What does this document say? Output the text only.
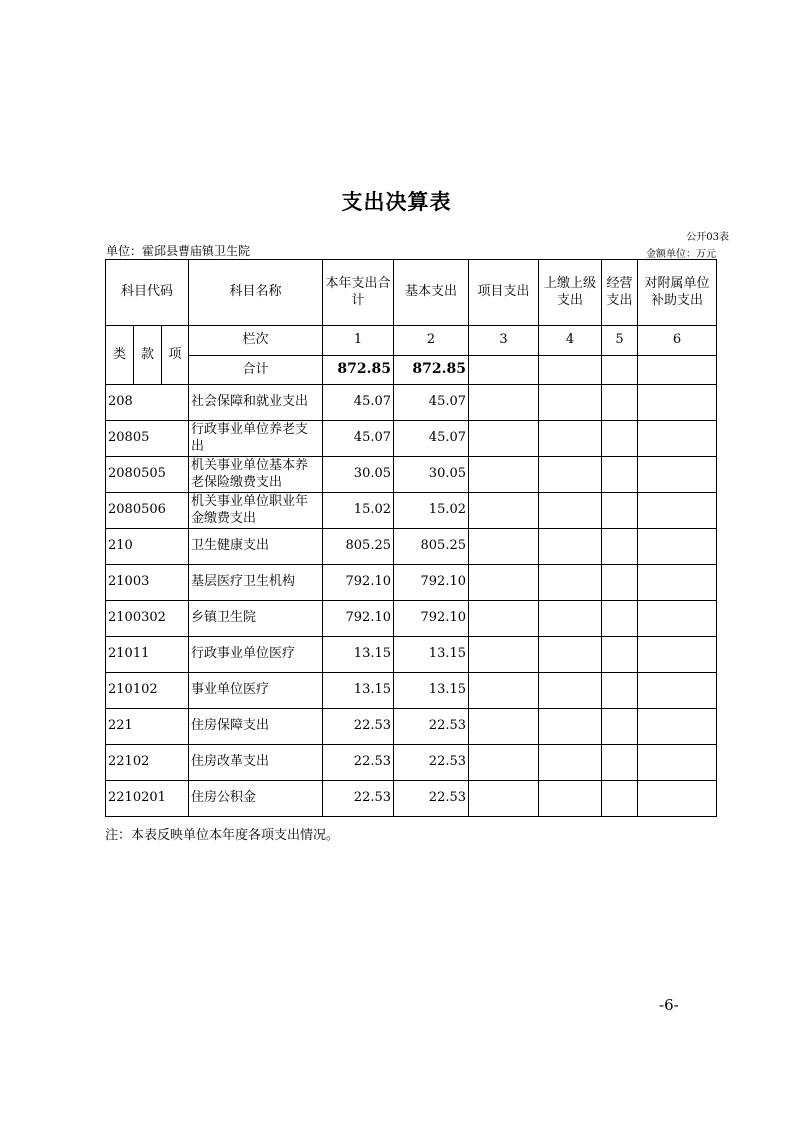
支出决算表
公开03表
单位：霍邱县曹庙镇卫生院	金额单位：万元
科目代码			科目名称	本年支出合计	基本支出	项目支出	上缴上级支出	经营支出	对附属单位补助支出
类	款	项	栏次	1	2	3	4	5	6
			合计	872.85	872.85				
208			社会保障和就业支出	45.07	45.07				
20805			行政事业单位养老支出	45.07	45.07				
2080505			机关事业单位基本养老保险缴费支出	30.05	30.05				
2080506			机关事业单位职业年金缴费支出	15.02	15.02				
210			卫生健康支出	805.25	805.25				
21003			基层医疗卫生机构	792.10	792.10				
2100302			乡镇卫生院	792.10	792.10				
21011			行政事业单位医疗	13.15	13.15				
210102			事业单位医疗	13.15	13.15				
221			住房保障支出	22.53	22.53				
22102			住房改革支出	22.53	22.53				
2210201			住房公积金	22.53	22.53				
注：本表反映单位本年度各项支出情况。
-6-
